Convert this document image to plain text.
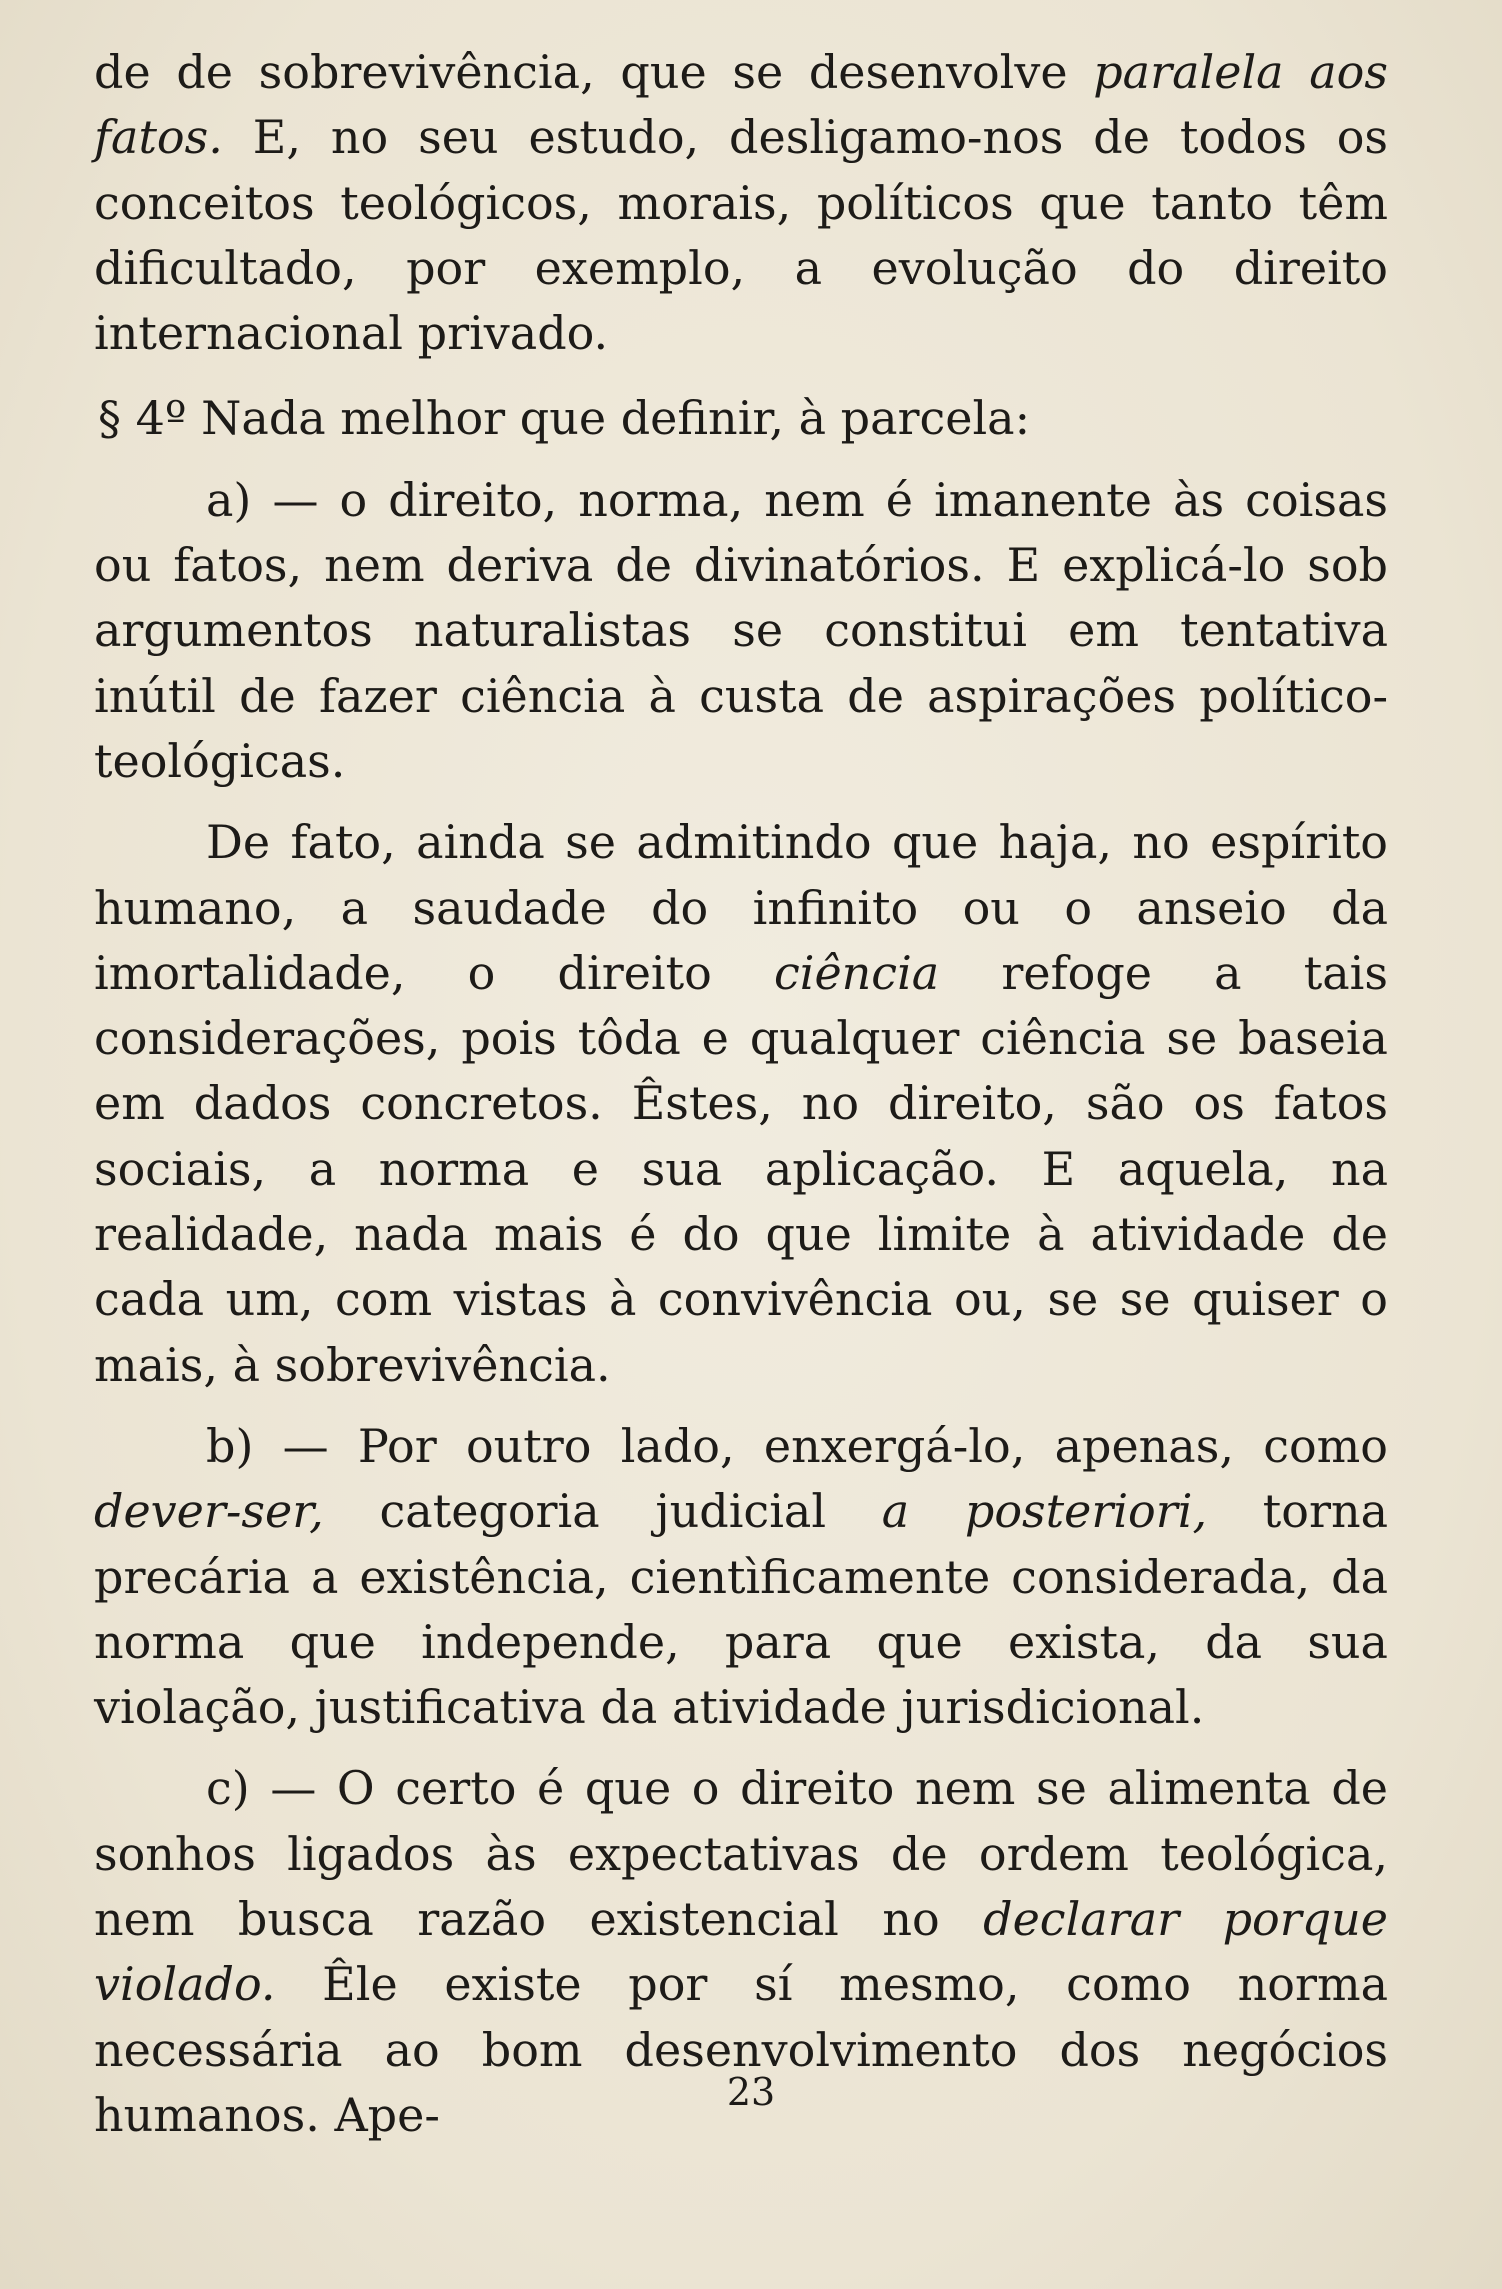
de de sobrevivência, que se desenvolve paralela aos fatos. E, no seu estudo, desligamo-nos de todos os conceitos teológicos, morais, políticos que tanto têm dificultado, por exemplo, a evolução do direito internacional privado.

§ 4º Nada melhor que definir, à parcela:

a) — o direito, norma, nem é imanente às coisas ou fatos, nem deriva de divinatórios. E explicá-lo sob argumentos naturalistas se constitui em tentativa inútil de fazer ciência à custa de aspirações político-teológicas.

De fato, ainda se admitindo que haja, no espírito humano, a saudade do infinito ou o anseio da imortalidade, o direito ciência refoge a tais considerações, pois tôda e qualquer ciência se baseia em dados concretos. Êstes, no direito, são os fatos sociais, a norma e sua aplicação. E aquela, na realidade, nada mais é do que limite à atividade de cada um, com vistas à convivência ou, se se quiser o mais, à sobrevivência.

b) — Por outro lado, enxergá-lo, apenas, como dever-ser, categoria judicial a posteriori, torna precária a existência, cientìficamente considerada, da norma que independe, para que exista, da sua violação, justificativa da atividade jurisdicional.

c) — O certo é que o direito nem se alimenta de sonhos ligados às expectativas de ordem teológica, nem busca razão existencial no declarar porque violado. Êle existe por sí mesmo, como norma necessária ao bom desenvolvimento dos negócios humanos. Ape-	23
